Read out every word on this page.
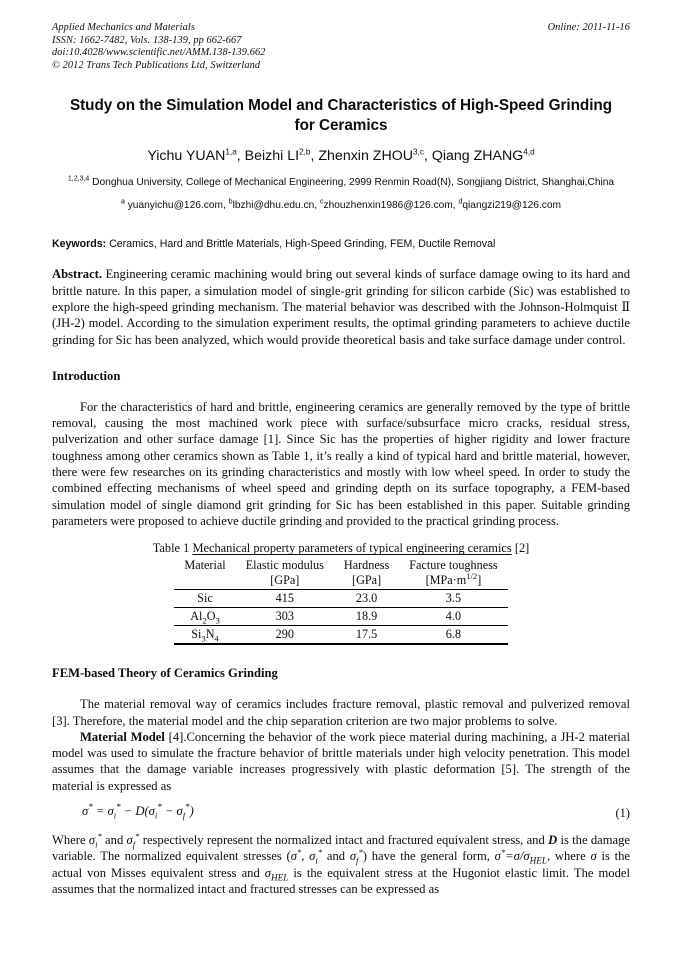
Online: 2011-11-16
Applied Mechanics and Materials
ISSN: 1662-7482, Vols. 138-139, pp 662-667
doi:10.4028/www.scientific.net/AMM.138-139.662
© 2012 Trans Tech Publications Ltd, Switzerland
Study on the Simulation Model and Characteristics of High-Speed Grinding for Ceramics
Yichu YUAN$^{1,a}$, Beizhi LI$^{2,b}$, Zhenxin ZHOU$^{3,c}$, Qiang ZHANG$^{4,d}$
$^{1,2,3,4}$ Donghua University, College of Mechanical Engineering, 2999 Renmin Road(N), Songjiang District, Shanghai,China
$^a$ yuanyichu@126.com, $^b$lbzhi@dhu.edu.cn, $^c$zhouzhenxin1986@126.com, $^d$qiangzi219@126.com
Keywords: Ceramics, Hard and Brittle Materials, High-Speed Grinding, FEM, Ductile Removal
Abstract. Engineering ceramic machining would bring out several kinds of surface damage owing to its hard and brittle nature. In this paper, a simulation model of single-grit grinding for silicon carbide (Sic) was established to explore the high-speed grinding mechanism. The material behavior was described with the Johnson-Holmquist Ⅱ (JH-2) model. According to the simulation experiment results, the optimal grinding parameters to achieve ductile grinding for Sic has been analyzed, which would provide theoretical basis and take surface damage under control.
Introduction
For the characteristics of hard and brittle, engineering ceramics are generally removed by the type of brittle removal, causing the most machined work piece with surface/subsurface micro cracks, residual stress, pulverization and other surface damage [1]. Since Sic has the properties of higher rigidity and lower fracture toughness among other ceramics shown as Table 1, it’s really a kind of typical hard and brittle material, however, there were few researches on its grinding characteristics and mostly with low wheel speed. In order to study the combined effecting mechanisms of wheel speed and grinding depth on its surface topography, a FEM-based simulation model of single diamond grit grinding for Sic has been established in this paper. Suitable grinding parameters were proposed to achieve ductile grinding and provided to the practical grinding process.
Table 1 Mechanical property parameters of typical engineering ceramics [2]
Material	Elastic modulus	Hardness	Facture toughness
	[GPa]	[GPa]	$[MPa\cdot m^{1/2}]$
Sic	415	23.0	3.5
$Al_2O_3$	303	18.9	4.0
$Si_3N_4$	290	17.5	6.8
FEM-based Theory of Ceramics Grinding
The material removal way of ceramics includes fracture removal, plastic removal and pulverized removal [3]. Therefore, the material model and the chip separation criterion are two major problems to solve.
Material Model [4].Concerning the behavior of the work piece material during machining, a JH-2 material model was used to simulate the fracture behavior of brittle materials under high velocity penetration. This model assumes that the damage variable increases progressively with plastic deformation [5]. The strength of the material is expressed as
$\sigma^* = \sigma_i^* - D(\sigma_i^* - \sigma_f^*)$	(1)
Where $\sigma_i^*$ and $\sigma_f^*$ respectively represent the normalized intact and fractured equivalent stress, and D is the damage variable. The normalized equivalent stresses (σ*, $\sigma_i^*$ and $\sigma_f^*$) have the general form, $\sigma^*=\sigma/\sigma_{HEL}$, where σ is the actual von Misses equivalent stress and $\sigma_{HEL}$ is the equivalent stress at the Hugoniot elastic limit. The model assumes that the normalized intact and fractured stresses can be expressed as
